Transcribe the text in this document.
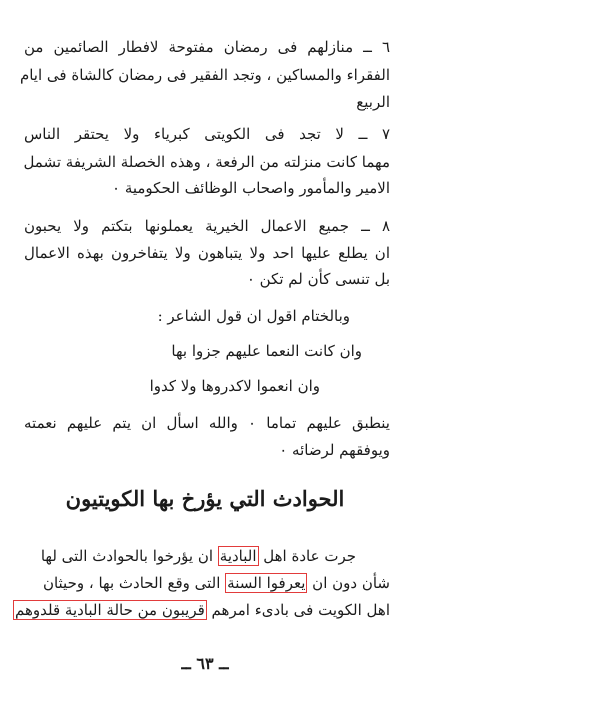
٦ ــ منازلهم فى رمضان مفتوحة لافطار الصائمين من
الفقراء والمساكين ، وتجد الفقير فى رمضان كالشاة فى ايام
الربيع
٧ ــ لا تجد فى الكويتى كبرياء ولا يحتقر الناس
مهما كانت منزلته من الرفعة ، وهذه الخصلة الشريفة تشمل
الامير والمأمور واصحاب الوظائف الحكومية ٠
٨ ــ جميع الاعمال الخيرية يعملونها بتكتم ولا يحبون
ان يطلع عليها احد ولا يتباهون ولا يتفاخرون بهذه الاعمال
بل تنسى كأن لم تكن ٠
وبالختام اقول ان قول الشاعر :
وان كانت النعما عليهم جزوا بها
وان انعموا لاكدروها ولا كدوا
ينطبق عليهم تماما ٠ والله اسأل ان يتم عليهم نعمته
ويوفقهم لرضائه ٠
جرت عادة اهل البادية ان يؤرخوا بالحوادث التى لها
شأن دون ان يعرفوا السنة التى وقع الحادث بها ، وحيثان
اهل الكويت فى بادىء امرهم قريبون من حالة البادية قلدوهم
الحوادث التي يؤرخ بها الكويتيون
ــ ٦٣ ــ
